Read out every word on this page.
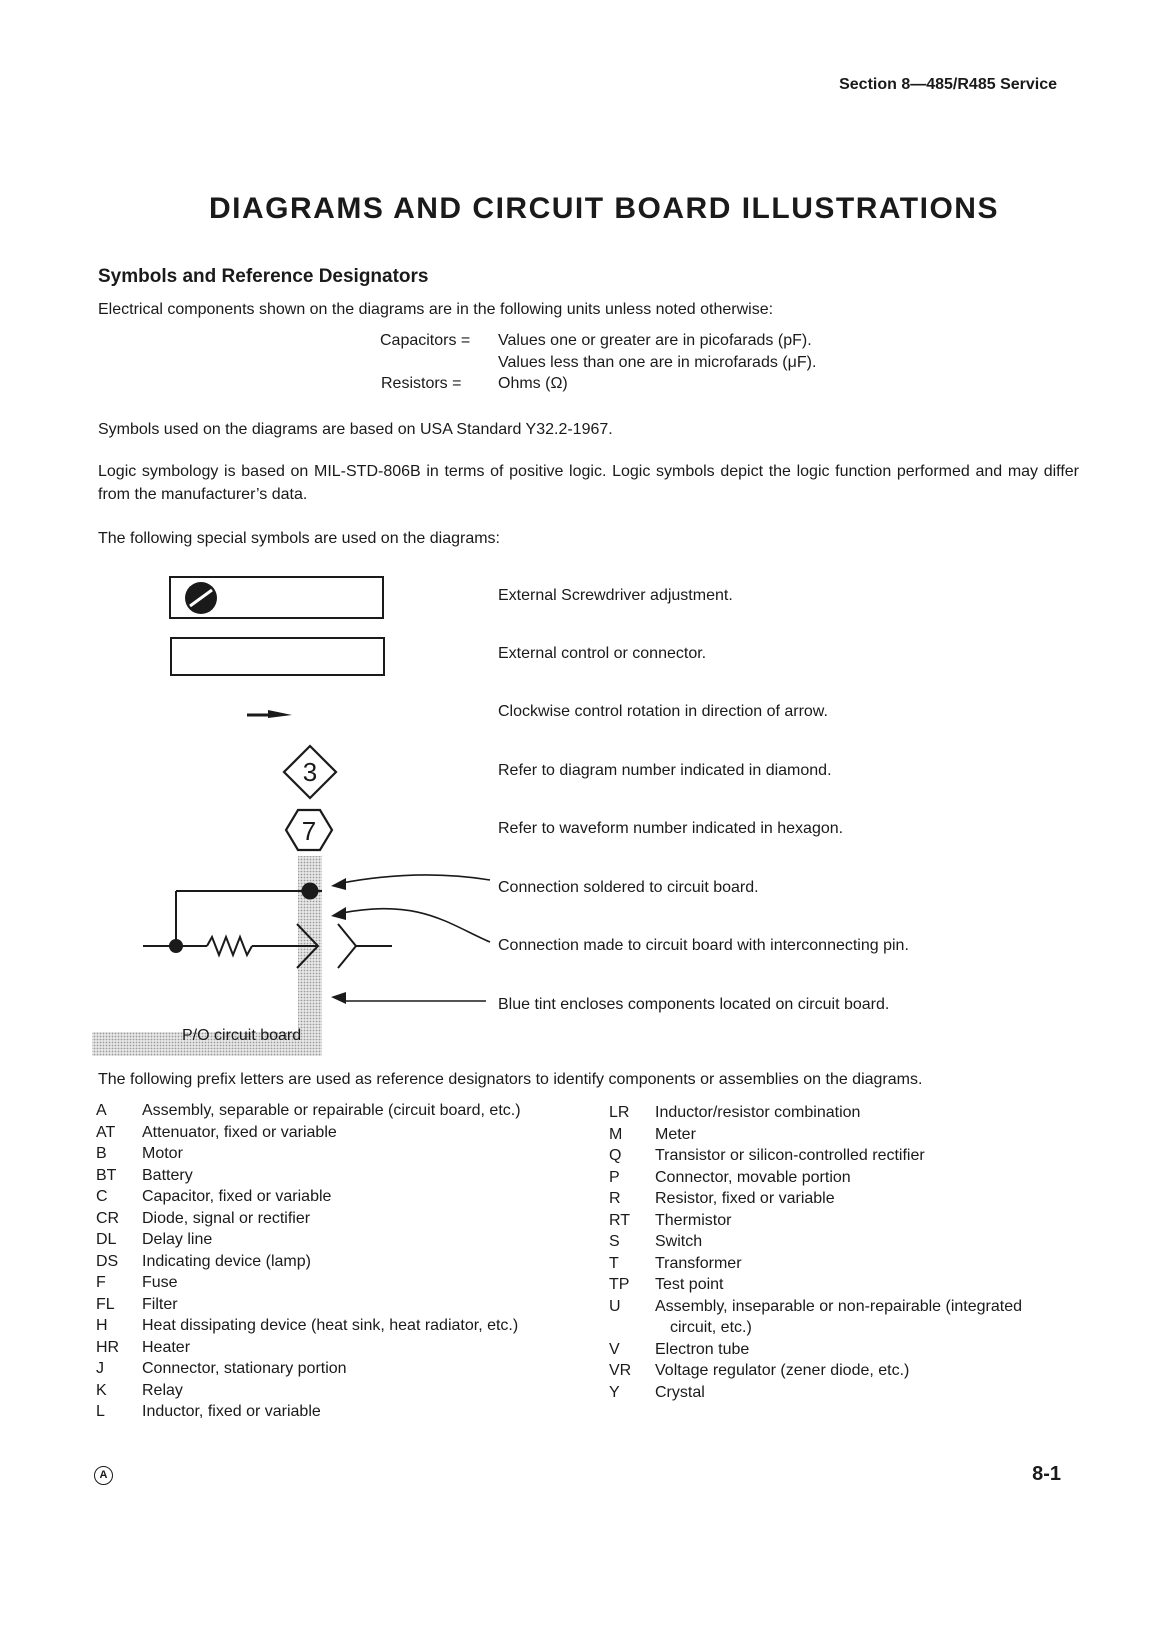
Section 8—485/R485 Service
DIAGRAMS AND CIRCUIT BOARD ILLUSTRATIONS
Symbols and Reference Designators
Electrical components shown on the diagrams are in the following units unless noted otherwise:
Capacitors = Values one or greater are in picofarads (pF).
Values less than one are in microfarads (μF).
Resistors = Ohms (Ω)
Symbols used on the diagrams are based on USA Standard Y32.2-1967.
Logic symbology is based on MIL-STD-806B in terms of positive logic. Logic symbols depict the logic function performed and may differ from the manufacturer’s data.
The following special symbols are used on the diagrams:
3
7
P/O circuit board
External Screwdriver adjustment.
External control or connector.
Clockwise control rotation in direction of arrow.
Refer to diagram number indicated in diamond.
Refer to waveform number indicated in hexagon.
Connection soldered to circuit board.
Connection made to circuit board with interconnecting pin.
Blue tint encloses components located on circuit board.
The following prefix letters are used as reference designators to identify components or assemblies on the diagrams.
A Assembly, separable or repairable (circuit board, etc.)
AT Attenuator, fixed or variable
B Motor
BT Battery
C Capacitor, fixed or variable
CR Diode, signal or rectifier
DL Delay line
DS Indicating device (lamp)
F Fuse
FL Filter
H Heat dissipating device (heat sink, heat radiator, etc.)
HR Heater
J Connector, stationary portion
K Relay
L Inductor, fixed or variable
LR Inductor/resistor combination
M Meter
Q Transistor or silicon-controlled rectifier
P Connector, movable portion
R Resistor, fixed or variable
RT Thermistor
S Switch
T Transformer
TP Test point
U Assembly, inseparable or non-repairable (integrated
circuit, etc.)
V Electron tube
VR Voltage regulator (zener diode, etc.)
Y Crystal
A	8-1
